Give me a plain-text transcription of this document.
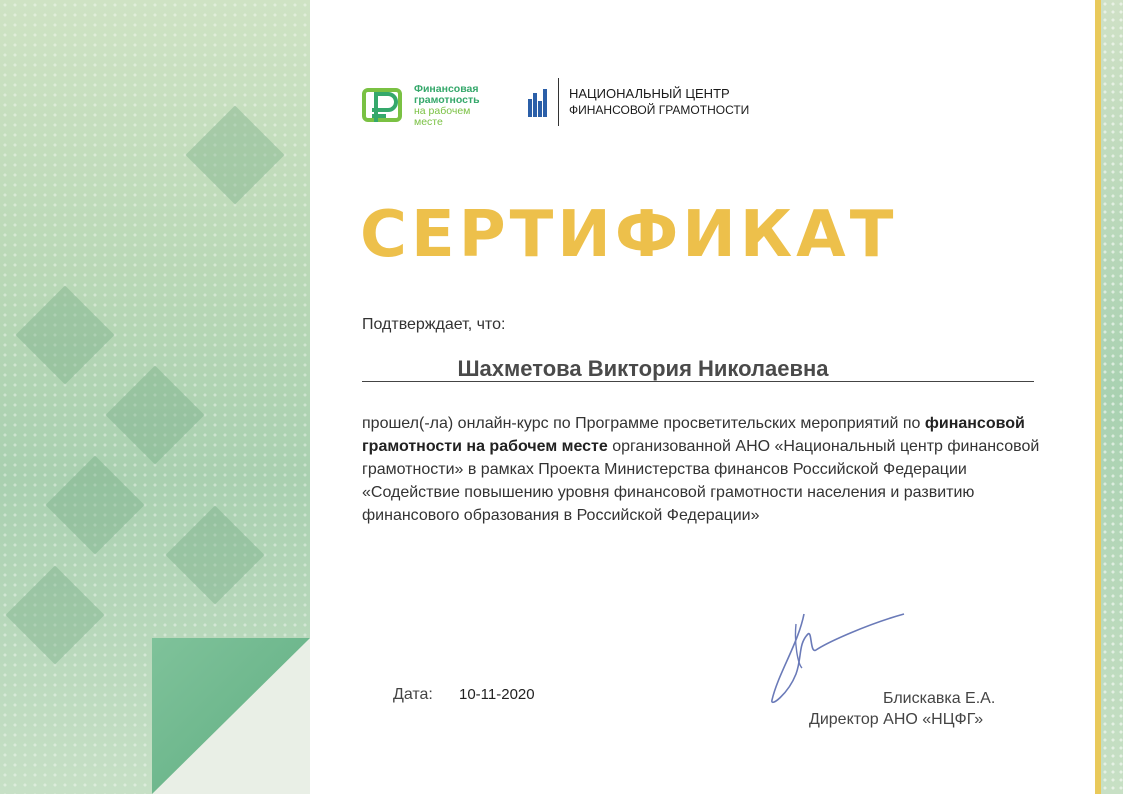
Финансовая
грамотность
на рабочем
месте
НАЦИОНАЛЬНЫЙ ЦЕНТР
ФИНАНСОВОЙ ГРАМОТНОСТИ
СЕРТИФИКАТ
Подтверждает, что:
Шахметова Виктория Николаевна
прошел(-ла) онлайн-курс по Программе просветительских мероприятий по финансовой грамотности на рабочем месте организованной АНО «Национальный центр финансовой грамотности» в рамках Проекта Министерства финансов Российской Федерации «Содействие повышению уровня финансовой грамотности населения и развитию финансового образования в Российской Федерации»
Дата: 10-11-2020	Блискавка Е.А.
Директор АНО «НЦФГ»
